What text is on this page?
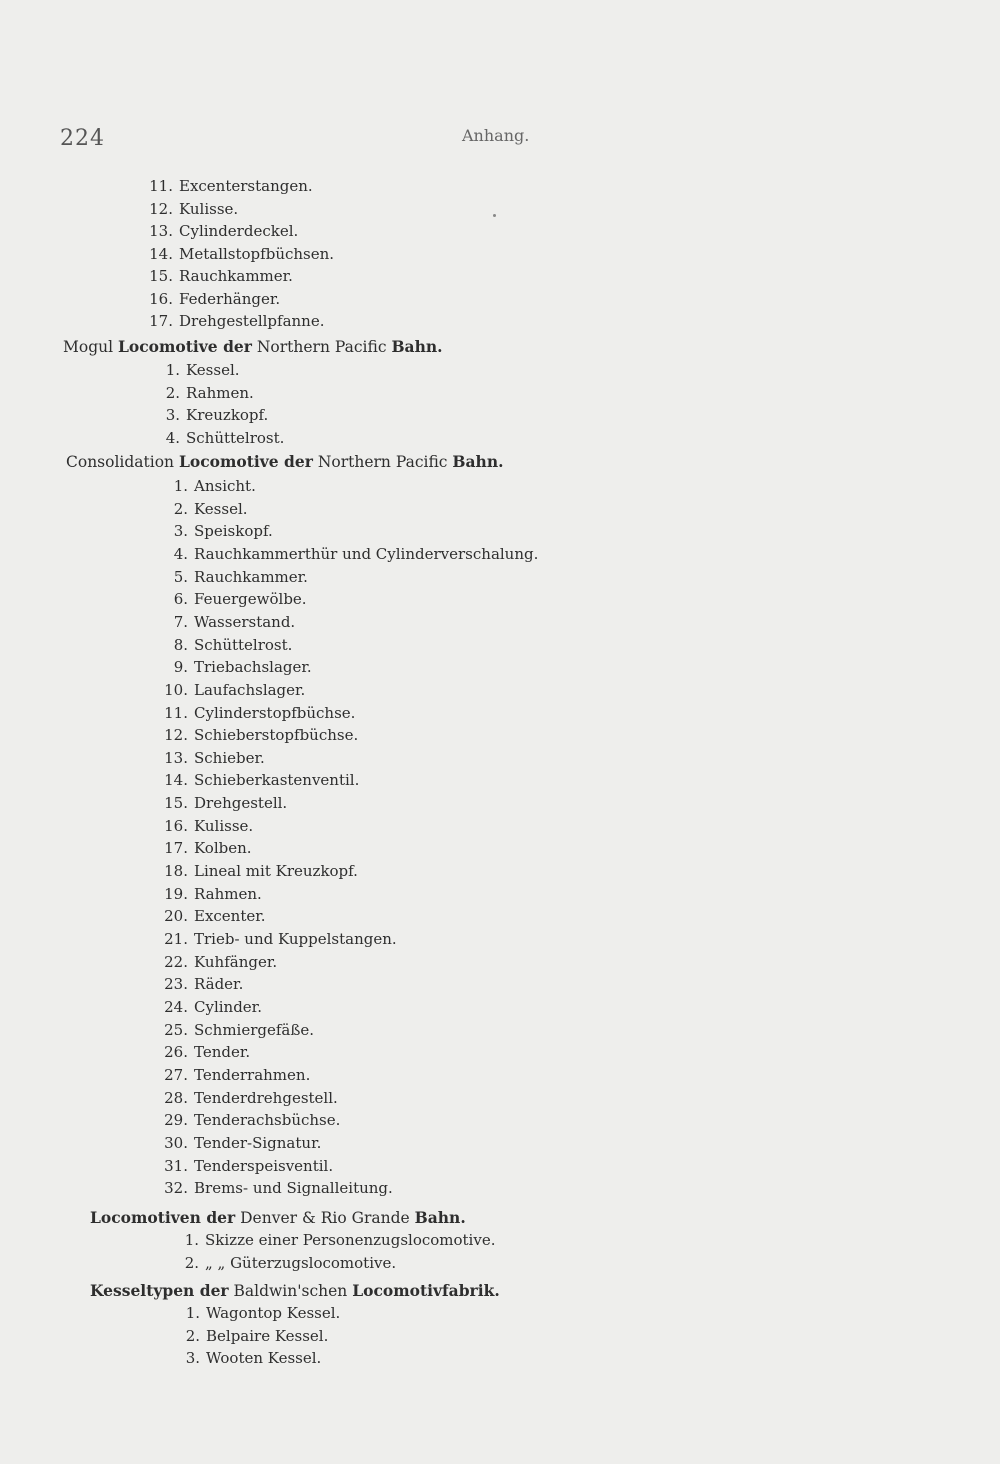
224	Anhang.
11. Excenterstangen.
12. Kulisse.
13. Cylinderdeckel.
14. Metallstopfbüchsen.
15. Rauchkammer.
16. Federhänger.
17. Drehgestellpfanne.
Mogul Locomotive der Northern Pacific Bahn.
1. Kessel.
2. Rahmen.
3. Kreuzkopf.
4. Schüttelrost.
Consolidation Locomotive der Northern Pacific Bahn.
1. Ansicht.
2. Kessel.
3. Speiskopf.
4. Rauchkammerthür und Cylinderverschalung.
5. Rauchkammer.
6. Feuergewölbe.
7. Wasserstand.
8. Schüttelrost.
9. Triebachslager.
10. Laufachslager.
11. Cylinderstopfbüchse.
12. Schieberstopfbüchse.
13. Schieber.
14. Schieberkastenventil.
15. Drehgestell.
16. Kulisse.
17. Kolben.
18. Lineal mit Kreuzkopf.
19. Rahmen.
20. Excenter.
21. Trieb- und Kuppelstangen.
22. Kuhfänger.
23. Räder.
24. Cylinder.
25. Schmiergefäße.
26. Tender.
27. Tenderrahmen.
28. Tenderdrehgestell.
29. Tenderachsbüchse.
30. Tender-Signatur.
31. Tenderspeisventil.
32. Brems- und Signalleitung.
Locomotiven der Denver & Rio Grande Bahn.
1. Skizze einer Personenzugslocomotive.
2. „ „ Güterzugslocomotive.
Kesseltypen der Baldwin'schen Locomotivfabrik.
1. Wagontop Kessel.
2. Belpaire Kessel.
3. Wooten Kessel.
